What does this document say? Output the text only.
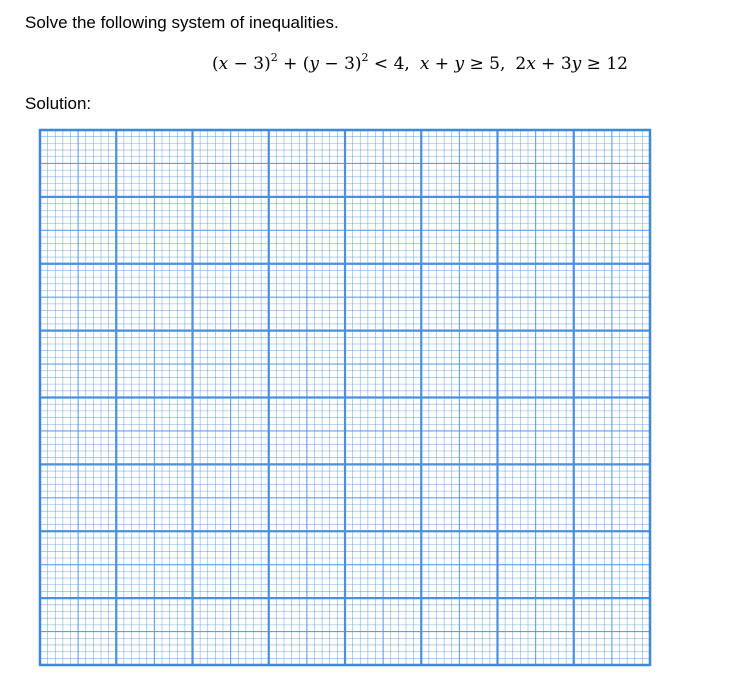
Solve the following system of inequalities.
$(x - 3)^2 + (y - 3)^2 < 4$, x + y ≥ 5, 2x + 3y ≥ 12
Solution:
